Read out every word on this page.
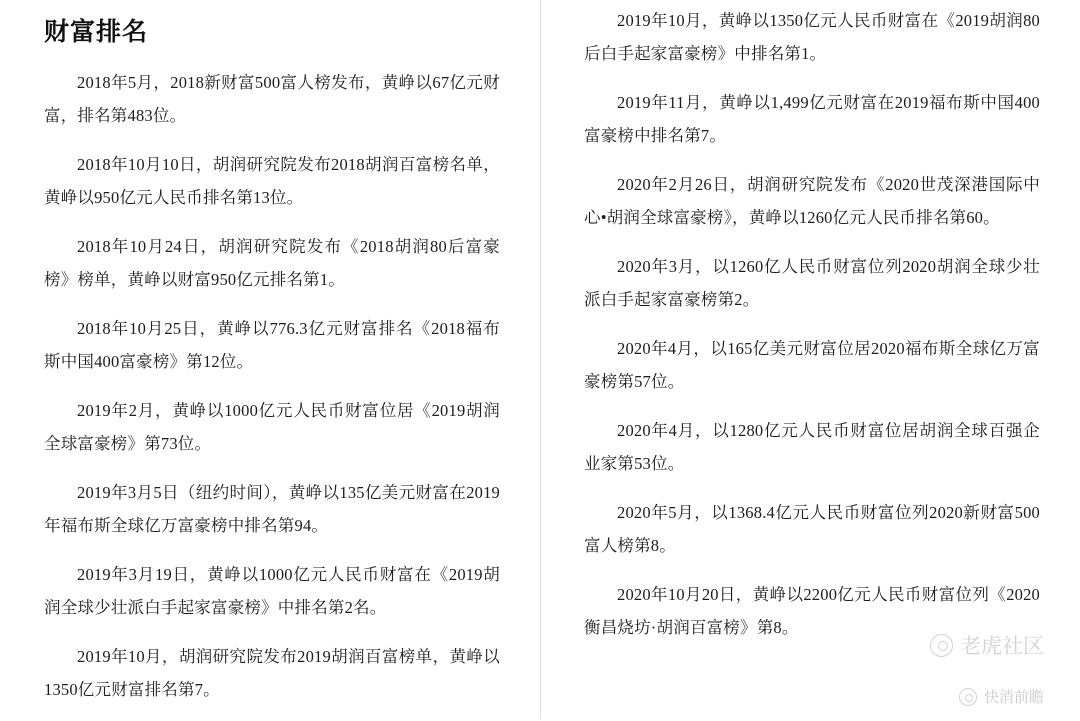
财富排名

2018年5月，2018新财富500富人榜发布，黄峥以67亿元财富，排名第483位。

2018年10月10日，胡润研究院发布2018胡润百富榜名单，黄峥以950亿元人民币排名第13位。

2018年10月24日，胡润研究院发布《2018胡润80后富豪榜》榜单，黄峥以财富950亿元排名第1。

2018年10月25日，黄峥以776.3亿元财富排名《2018福布斯中国400富豪榜》第12位。

2019年2月，黄峥以1000亿元人民币财富位居《2019胡润全球富豪榜》第73位。

2019年3月5日（纽约时间），黄峥以135亿美元财富在2019年福布斯全球亿万富豪榜中排名第94。

2019年3月19日，黄峥以1000亿元人民币财富在《2019胡润全球少壮派白手起家富豪榜》中排名第2名。

2019年10月，胡润研究院发布2019胡润百富榜单，黄峥以1350亿元财富排名第7。

2019年10月，黄峥以1350亿元人民币财富在《2019胡润80后白手起家富豪榜》中排名第1。

2019年11月，黄峥以1,499亿元财富在2019福布斯中国400富豪榜中排名第7。

2020年2月26日，胡润研究院发布《2020世茂深港国际中心•胡润全球富豪榜》，黄峥以1260亿元人民币排名第60。

2020年3月，以1260亿人民币财富位列2020胡润全球少壮派白手起家富豪榜第2。

2020年4月，以165亿美元财富位居2020福布斯全球亿万富豪榜第57位。

2020年4月，以1280亿元人民币财富位居胡润全球百强企业家第53位。

2020年5月，以1368.4亿元人民币财富位列2020新财富500富人榜第8。

2020年10月20日，黄峥以2200亿元人民币财富位列《2020衡昌烧坊·胡润百富榜》第8。

老虎社区
快消前瞻
